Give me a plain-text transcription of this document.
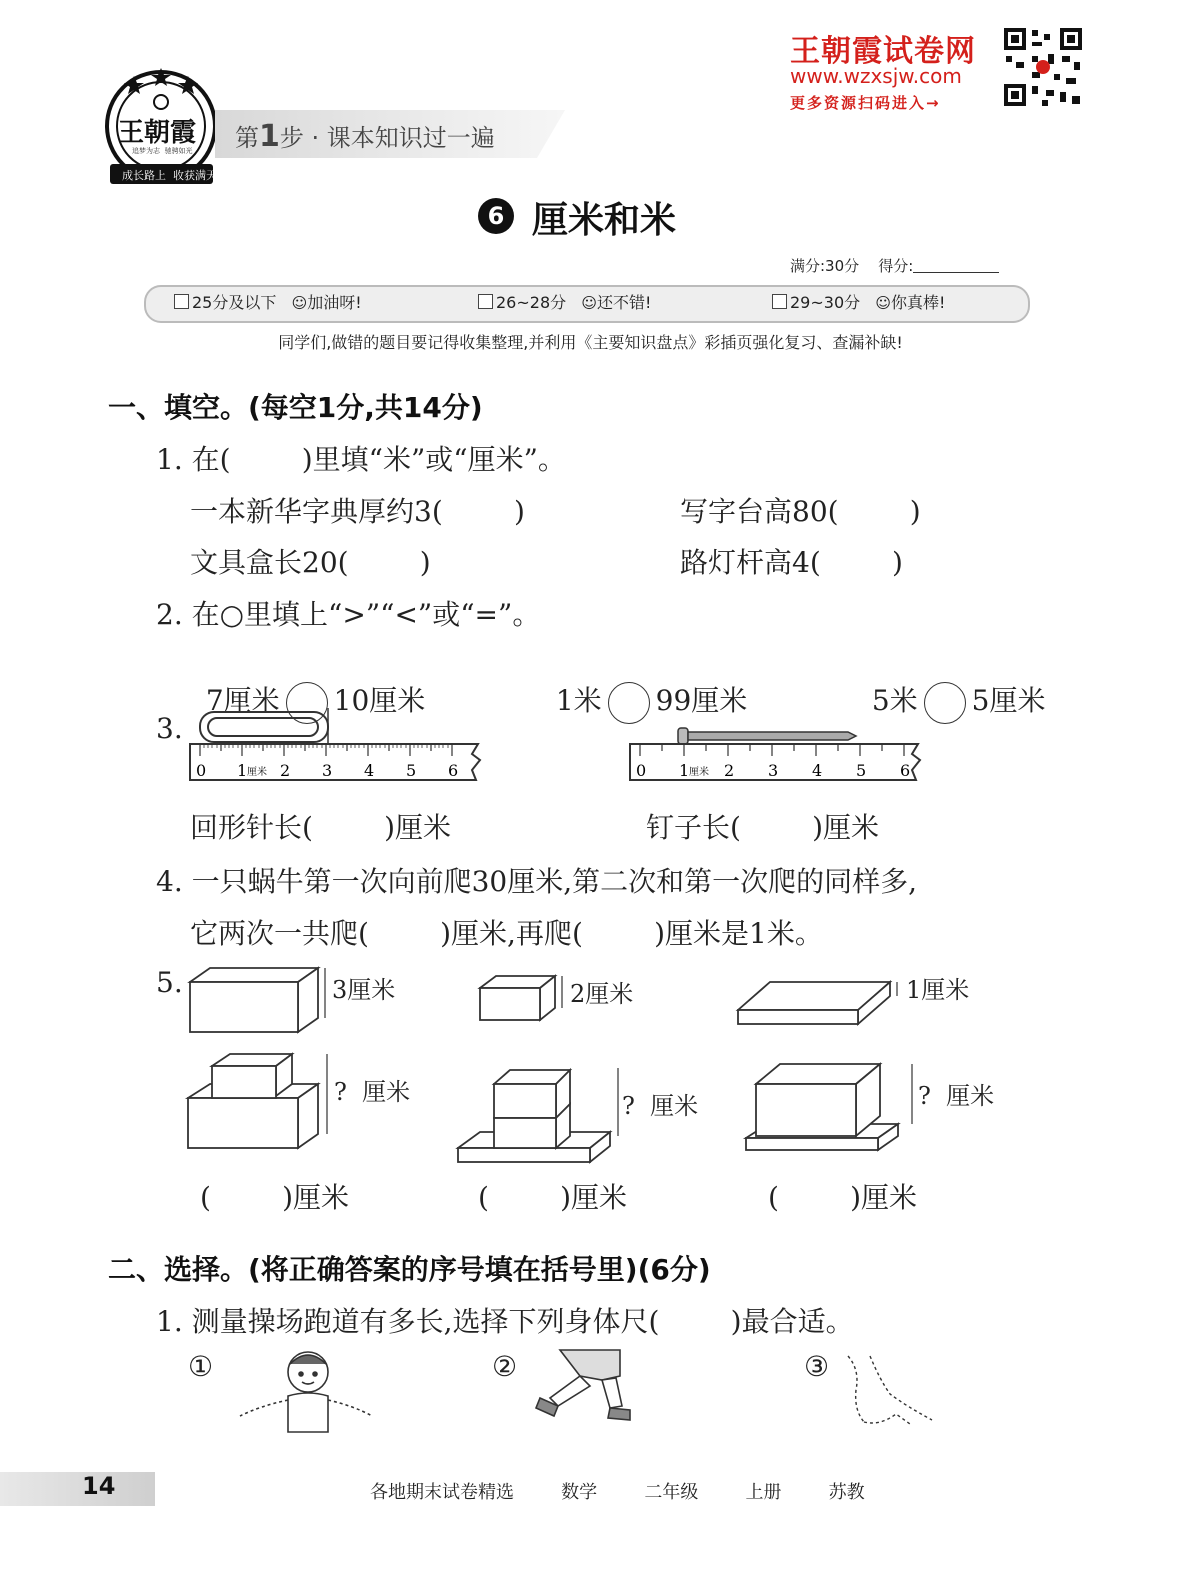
王朝霞
追梦为志  驰骋如光
成长路上  收获满天
王朝霞试卷网
www.wzxsjw.com
更多资源扫码进入→
第1步 · 课本知识过一遍
6 厘米和米
满分:30分 得分:
25分及以下 ☺加油呀!	26~28分 ☺还不错!	29~30分 ☺你真棒!
同学们,做错的题目要记得收集整理,并利用《主要知识盘点》彩插页强化复习、查漏补缺!
一、填空。(每空1分,共14分)
1. 在(        )里填“米”或“厘米”。
一本新华字典厚约3(        )	写字台高80(        )
文具盒长20(        )	路灯杆高4(        )
2. 在○里填上“>”“<”或“=”。

7厘米 10厘米	1米 99厘米	5米 5厘米

3.
0 1 厘米 2 3 4 5 6	0 1 厘米 2 3 4 5 6
回形针长(        )厘米	钉子长(        )厘米
4. 一只蜗牛第一次向前爬30厘米,第二次和第一次爬的同样多,
它两次一共爬(        )厘米,再爬(        )厘米是1米。
5.	3厘米	2厘米	1厘米
?  厘米	?  厘米	?  厘米
(        )厘米	(        )厘米	(        )厘米
二、选择。(将正确答案的序号填在括号里)(6分)
1. 测量操场跑道有多长,选择下列身体尺(        )最合适。
①	②	③
14	各地期末试卷精选   数学   二年级   上册   苏教
